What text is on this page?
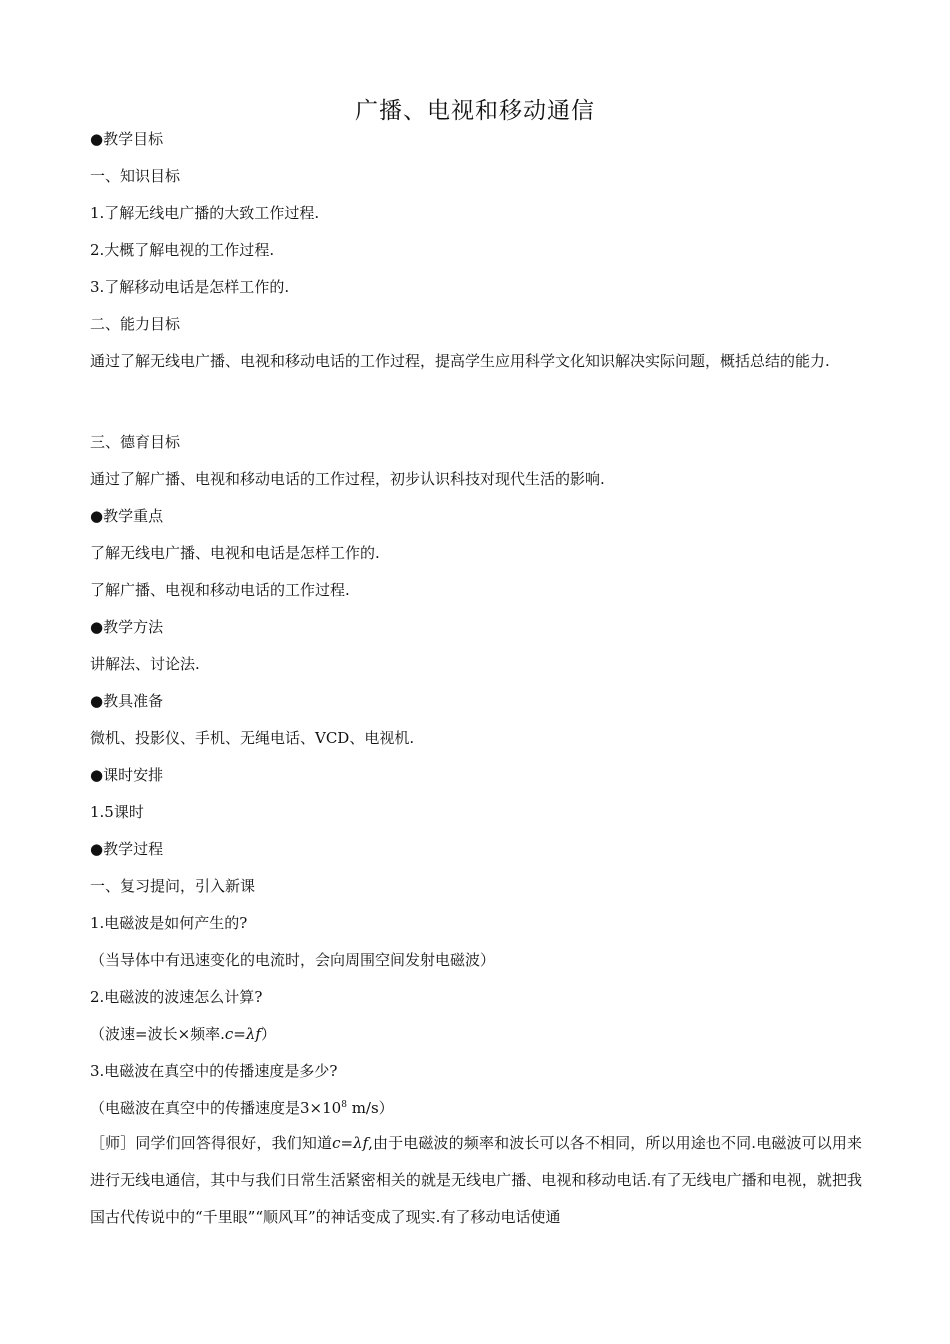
广播、电视和移动通信
●教学目标
一、知识目标
1.了解无线电广播的大致工作过程.
2.大概了解电视的工作过程.
3.了解移动电话是怎样工作的.
二、能力目标
通过了解无线电广播、电视和移动电话的工作过程，提高学生应用科学文化知识解决实际问题，概括总结的能力.
三、德育目标
通过了解广播、电视和移动电话的工作过程，初步认识科技对现代生活的影响.
●教学重点
了解无线电广播、电视和电话是怎样工作的.
了解广播、电视和移动电话的工作过程.
●教学方法
讲解法、讨论法.
●教具准备
微机、投影仪、手机、无绳电话、VCD、电视机.
●课时安排
1.5课时
●教学过程
一、复习提问，引入新课
1.电磁波是如何产生的?
（当导体中有迅速变化的电流时，会向周围空间发射电磁波）
2.电磁波的波速怎么计算?
（波速=波长×频率.c=λf）
3.电磁波在真空中的传播速度是多少?
（电磁波在真空中的传播速度是$3\times 10^8$ m/s）
［师］同学们回答得很好，我们知道c=λf,由于电磁波的频率和波长可以各不相同，所以用途也不同.电磁波可以用来进行无线电通信，其中与我们日常生活紧密相关的就是无线电广播、电视和移动电话.有了无线电广播和电视，就把我国古代传说中的“千里眼”“顺风耳”的神话变成了现实.有了移动电话使通
